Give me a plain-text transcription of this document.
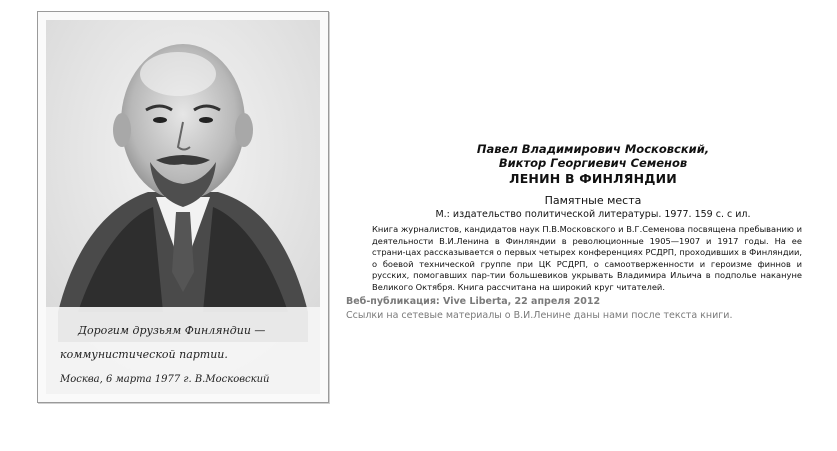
Дорогим друзьям Финляндии —
коммунистической партии.
Москва, 6 марта 1977 г. В.Московский
Павел Владимирович Московский,
Виктор Георгиевич Семенов
ЛЕНИН В ФИНЛЯНДИИ
Памятные места
М.: издательство политической литературы. 1977. 159 с. с ил.
Книга журналистов, кандидатов наук П.В.Московского и В.Г.Семенова посвящена пребыванию и деятельности В.И.Ленина в Финляндии в революционные 1905—1907 и 1917 годы. На ее страни-цах рассказывается о первых четырех конференциях РСДРП, проходивших в Финляндии, о боевой технической группе при ЦК РСДРП, о самоотверженности и героизме финнов и русских, помогавших пар-тии большевиков укрывать Владимира Ильича в подполье накануне Великого Октября. Книга рассчитана на широкий круг читателей.
Веб-публикация: Vive Liberta, 22 апреля 2012
Ссылки на сетевые материалы о В.И.Ленине даны нами после текста книги.
